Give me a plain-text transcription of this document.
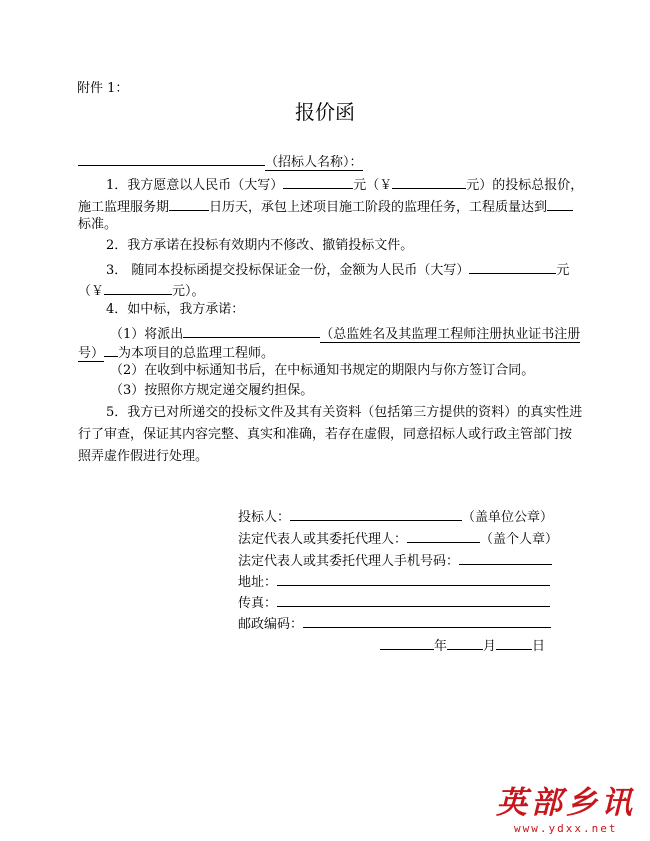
附件 1：
报价函
（招标人名称）：
1．我方愿意以人民币（大写）	元（￥	元）的投标总报价，
施工监理服务期	日历天，承包上述项目施工阶段的监理任务，工程质量达到
标准。
2．我方承诺在投标有效期内不修改、撤销投标文件。
3． 随同本投标函提交投标保证金一份，金额为人民币（大写）	元
（￥	元）。
4．如中标，我方承诺：
（1）将派出	（总监姓名及其监理工程师注册执业证书注册
号） 为本项目的总监理工程师。
（2）在收到中标通知书后，在中标通知书规定的期限内与你方签订合同。
（3）按照你方规定递交履约担保。
5．我方已对所递交的投标文件及其有关资料（包括第三方提供的资料）的真实性进
行了审查，保证其内容完整、真实和准确，若存在虚假，同意招标人或行政主管部门按
照弄虚作假进行处理。
投标人：	（盖单位公章）
法定代表人或其委托代理人：	（盖个人章）
法定代表人或其委托代理人手机号码：
地址：
传真：
邮政编码：
年	月	日
英部乡讯
www.ydxx.net
